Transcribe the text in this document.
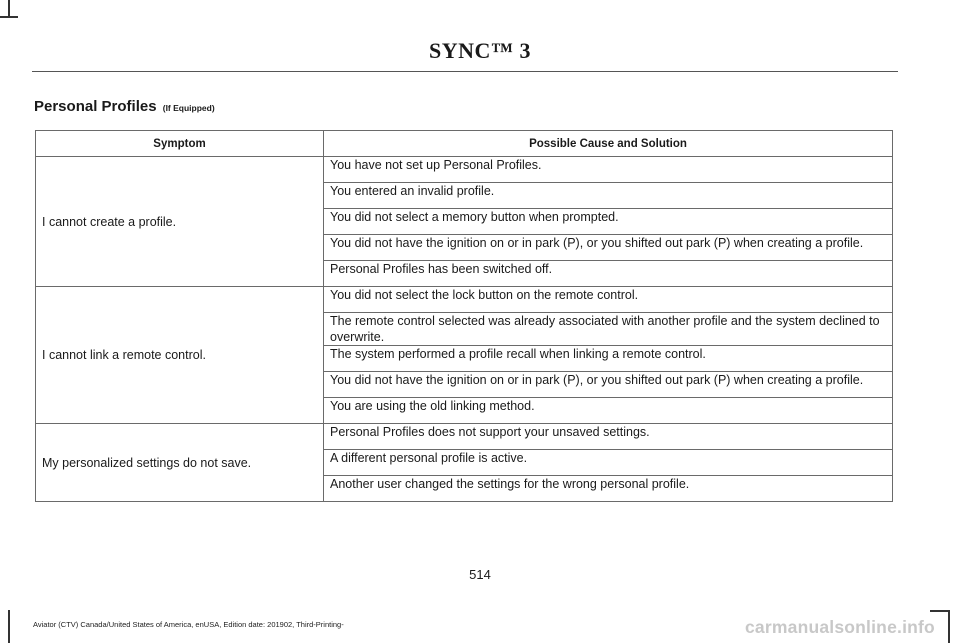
SYNC™ 3
Personal Profiles (If Equipped)
Symptom	Possible Cause and Solution
I cannot create a profile.	You have not set up Personal Profiles.
	You entered an invalid profile.
	You did not select a memory button when prompted.
	You did not have the ignition on or in park (P), or you shifted out park (P) when creating a profile.
	Personal Profiles has been switched off.
I cannot link a remote control.	You did not select the lock button on the remote control.
	The remote control selected was already associated with another profile and the system declined to overwrite.
	The system performed a profile recall when linking a remote control.
	You did not have the ignition on or in park (P), or you shifted out park (P) when creating a profile.
	You are using the old linking method.
My personalized settings do not save.	Personal Profiles does not support your unsaved settings.
	A different personal profile is active.
	Another user changed the settings for the wrong personal profile.
514
Aviator (CTV) Canada/United States of America, enUSA, Edition date: 201902, Third-Printing-	carmanualsonline.info
